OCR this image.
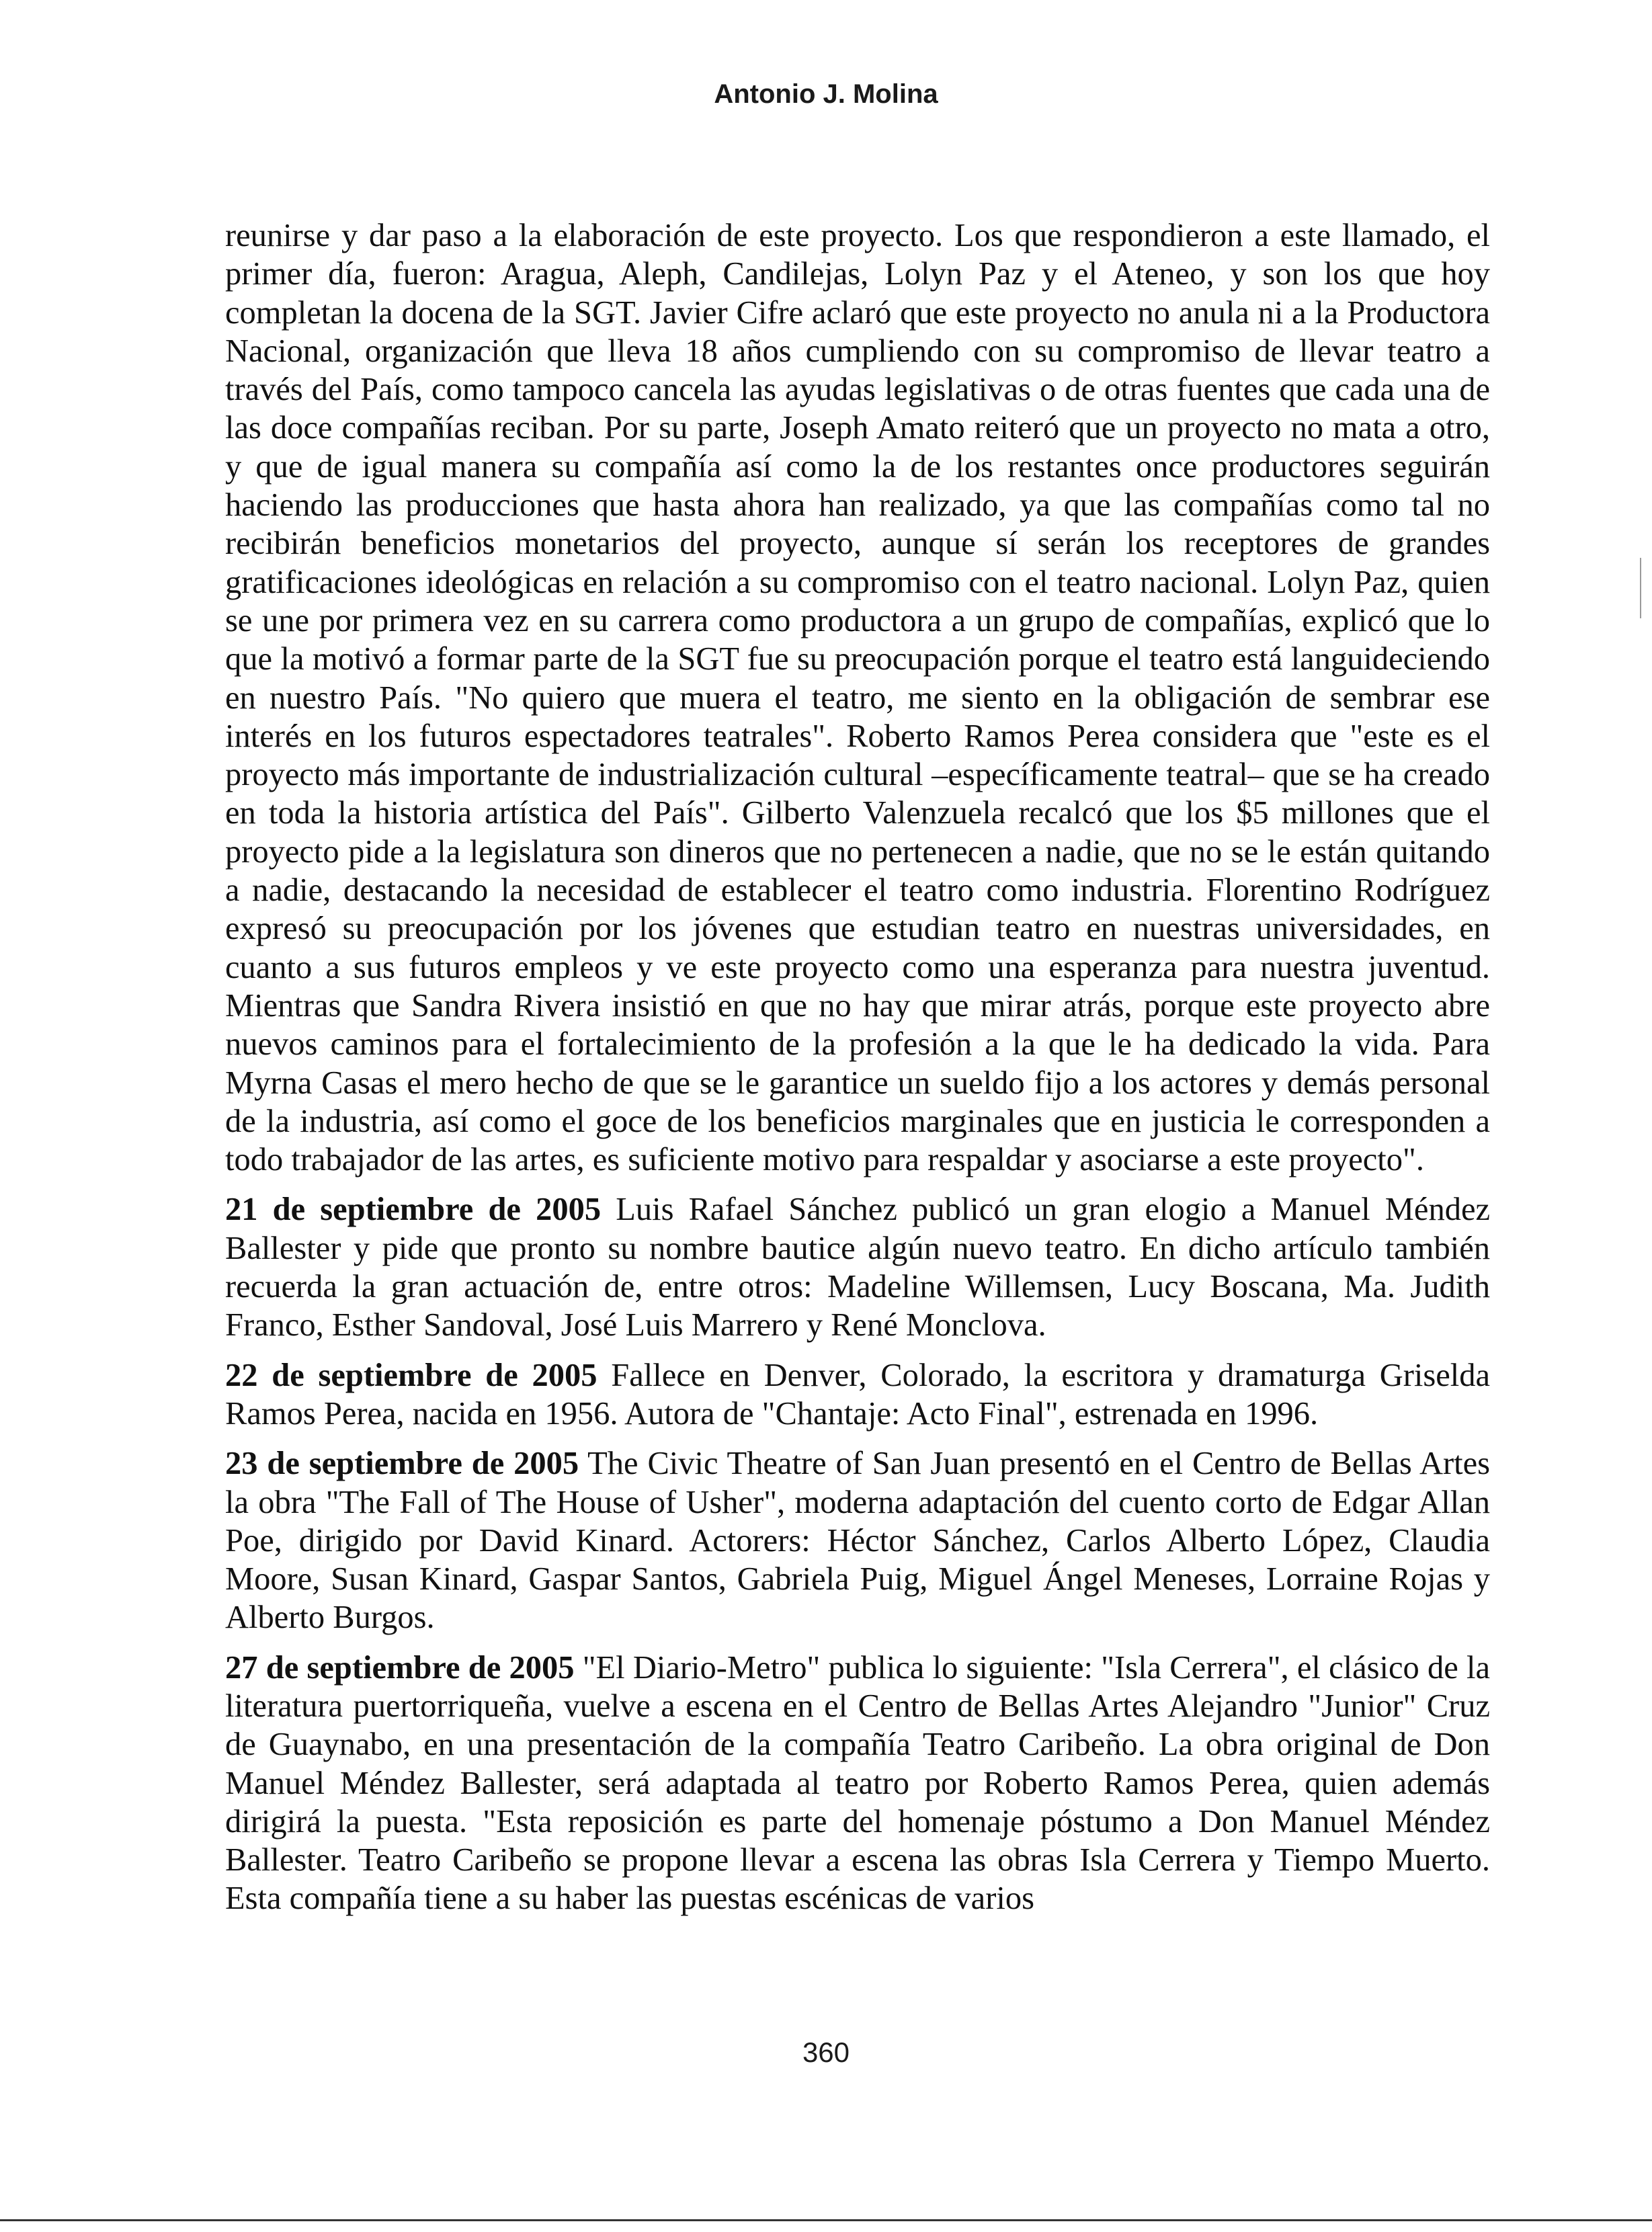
Antonio J. Molina

reunirse y dar paso a la elaboración de este proyecto. Los que respondieron a este llamado, el primer día, fueron: Aragua, Aleph, Candilejas, Lolyn Paz y el Ateneo, y son los que hoy completan la docena de la SGT. Javier Cifre aclaró que este proyecto no anula ni a la Productora Nacional, organización que lleva 18 años cumpliendo con su compromiso de llevar teatro a través del País, como tampoco cancela las ayudas legislativas o de otras fuentes que cada una de las doce compañías reciban. Por su parte, Joseph Amato reiteró que un proyecto no mata a otro, y que de igual manera su compañía así como la de los restantes once productores seguirán haciendo las producciones que hasta ahora han realizado, ya que las compañías como tal no recibirán beneficios monetarios del proyecto, aunque sí serán los receptores de grandes gratificaciones ideológicas en relación a su compromiso con el teatro nacional. Lolyn Paz, quien se une por primera vez en su carrera como productora a un grupo de compañías, explicó que lo que la motivó a formar parte de la SGT fue su preocupación porque el teatro está languideciendo en nuestro País. "No quiero que muera el teatro, me siento en la obligación de sembrar ese interés en los futuros espectadores teatrales". Roberto Ramos Perea considera que "este es el proyecto más importante de industrialización cultural –específicamente teatral– que se ha creado en toda la historia artística del País". Gilberto Valenzuela recalcó que los $5 millones que el proyecto pide a la legislatura son dineros que no pertenecen a nadie, que no se le están quitando a nadie, destacando la necesidad de establecer el teatro como industria. Florentino Rodríguez expresó su preocupación por los jóvenes que estudian teatro en nuestras universidades, en cuanto a sus futuros empleos y ve este proyecto como una esperanza para nuestra juventud. Mientras que Sandra Rivera insistió en que no hay que mirar atrás, porque este proyecto abre nuevos caminos para el fortalecimiento de la profesión a la que le ha dedicado la vida. Para Myrna Casas el mero hecho de que se le garantice un sueldo fijo a los actores y demás personal de la industria, así como el goce de los beneficios marginales que en justicia le corresponden a todo trabajador de las artes, es suficiente motivo para respaldar y asociarse a este proyecto".

21 de septiembre de 2005 Luis Rafael Sánchez publicó un gran elogio a Manuel Méndez Ballester y pide que pronto su nombre bautice algún nuevo teatro. En dicho artículo también recuerda la gran actuación de, entre otros: Madeline Willemsen, Lucy Boscana, Ma. Judith Franco, Esther Sandoval, José Luis Marrero y René Monclova.

22 de septiembre de 2005 Fallece en Denver, Colorado, la escritora y dramaturga Griselda Ramos Perea, nacida en 1956. Autora de "Chantaje: Acto Final", estrenada en 1996.

23 de septiembre de 2005 The Civic Theatre of San Juan presentó en el Centro de Bellas Artes la obra "The Fall of The House of Usher", moderna adaptación del cuento corto de Edgar Allan Poe, dirigido por David Kinard. Actorers: Héctor Sánchez, Carlos Alberto López, Claudia Moore, Susan Kinard, Gaspar Santos, Gabriela Puig, Miguel Ángel Meneses, Lorraine Rojas y Alberto Burgos.

27 de septiembre de 2005 "El Diario-Metro" publica lo siguiente: "Isla Cerrera", el clásico de la literatura puertorriqueña, vuelve a escena en el Centro de Bellas Artes Alejandro "Junior" Cruz de Guaynabo, en una presentación de la compañía Teatro Caribeño. La obra original de Don Manuel Méndez Ballester, será adaptada al teatro por Roberto Ramos Perea, quien además dirigirá la puesta. "Esta reposición es parte del homenaje póstumo a Don Manuel Méndez Ballester. Teatro Caribeño se propone llevar a escena las obras Isla Cerrera y Tiempo Muerto. Esta compañía tiene a su haber las puestas escénicas de varios

360
